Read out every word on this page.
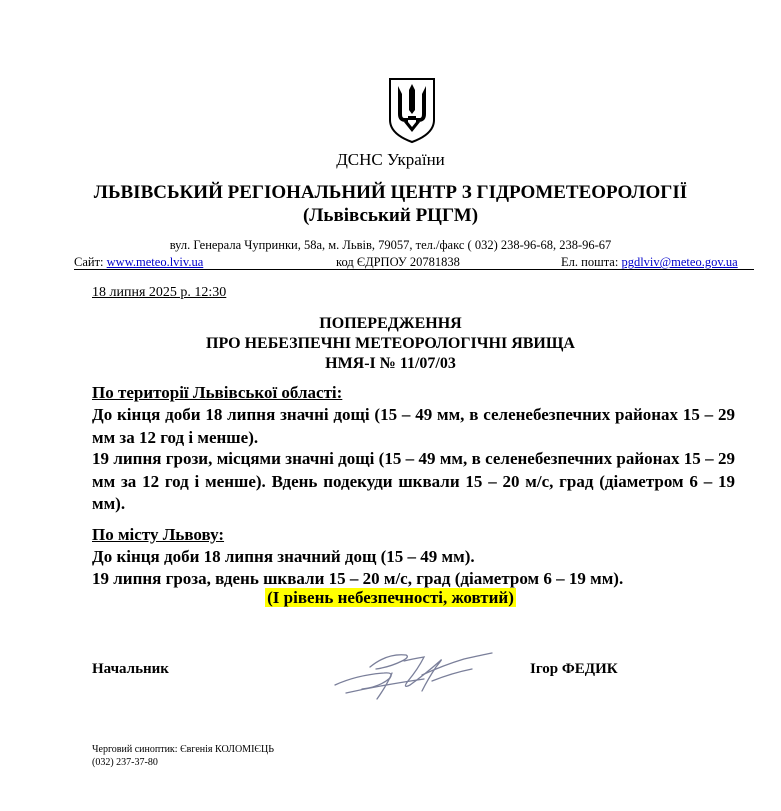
ДСНС України
ЛЬВІВСЬКИЙ РЕГІОНАЛЬНИЙ ЦЕНТР З ГІДРОМЕТЕОРОЛОГІЇ
(Львівський РЦГМ)
вул. Генерала Чупринки, 58а, м. Львів, 79057, тел./факс ( 032) 238-96-68, 238-96-67
Сайт: www.meteo.lviv.ua	код ЄДРПОУ 20781838	Ел. пошта: pgdlviv@meteo.gov.ua
18 липня 2025 р. 12:30
ПОПЕРЕДЖЕННЯ
ПРО НЕБЕЗПЕЧНІ МЕТЕОРОЛОГІЧНІ ЯВИЩА
НМЯ-І № 11/07/03
По території Львівської області:
До кінця доби 18 липня значні дощі (15 – 49 мм, в селенебезпечних районах 15 – 29 мм за 12 год і менше).
19 липня грози, місцями значні дощі (15 – 49 мм, в селенебезпечних районах 15 – 29 мм за 12 год і менше). Вдень подекуди шквали 15 – 20 м/с, град (діаметром 6 – 19 мм).
По місту Львову:
До кінця доби 18 липня значний дощ (15 – 49 мм).
19 липня гроза, вдень шквали 15 – 20 м/с, град (діаметром 6 – 19 мм).
(І рівень небезпечності, жовтий)
Начальник	Ігор ФЕДИК
Черговий синоптик: Євгенія КОЛОМІЄЦЬ
(032) 237-37-80
